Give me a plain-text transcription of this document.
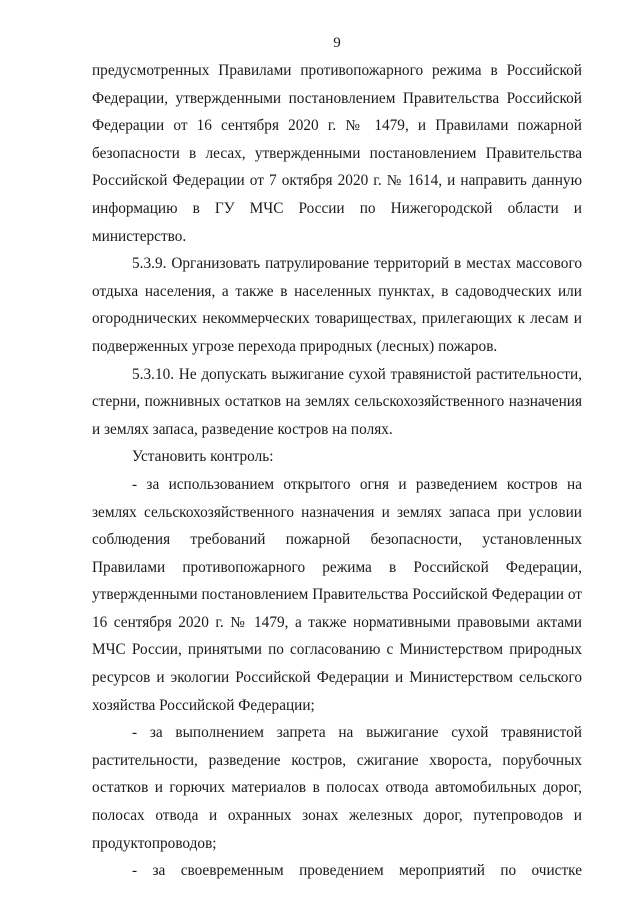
9

предусмотренных Правилами противопожарного режима в Российской Федерации, утвержденными постановлением Правительства Российской Федерации от 16 сентября 2020 г. № 1479, и Правилами пожарной безопасности в лесах, утвержденными постановлением Правительства Российской Федерации от 7 октября 2020 г. № 1614, и направить данную информацию в ГУ МЧС России по Нижегородской области и министерство.

5.3.9. Организовать патрулирование территорий в местах массового отдыха населения, а также в населенных пунктах, в садоводческих или огороднических некоммерческих товариществах, прилегающих к лесам и подверженных угрозе перехода природных (лесных) пожаров.

5.3.10. Не допускать выжигание сухой травянистой растительности, стерни, пожнивных остатков на землях сельскохозяйственного назначения и землях запаса, разведение костров на полях.

Установить контроль:

- за использованием открытого огня и разведением костров на землях сельскохозяйственного назначения и землях запаса при условии соблюдения требований пожарной безопасности, установленных Правилами противопожарного режима в Российской Федерации, утвержденными постановлением Правительства Российской Федерации от 16 сентября 2020 г. № 1479, а также нормативными правовыми актами МЧС России, принятыми по согласованию с Министерством природных ресурсов и экологии Российской Федерации и Министерством сельского хозяйства Российской Федерации;

- за выполнением запрета на выжигание сухой травянистой растительности, разведение костров, сжигание хвороста, порубочных остатков и горючих материалов в полосах отвода автомобильных дорог, полосах отвода и охранных зонах железных дорог, путепроводов и продуктопроводов;

- за своевременным проведением мероприятий по очистке
